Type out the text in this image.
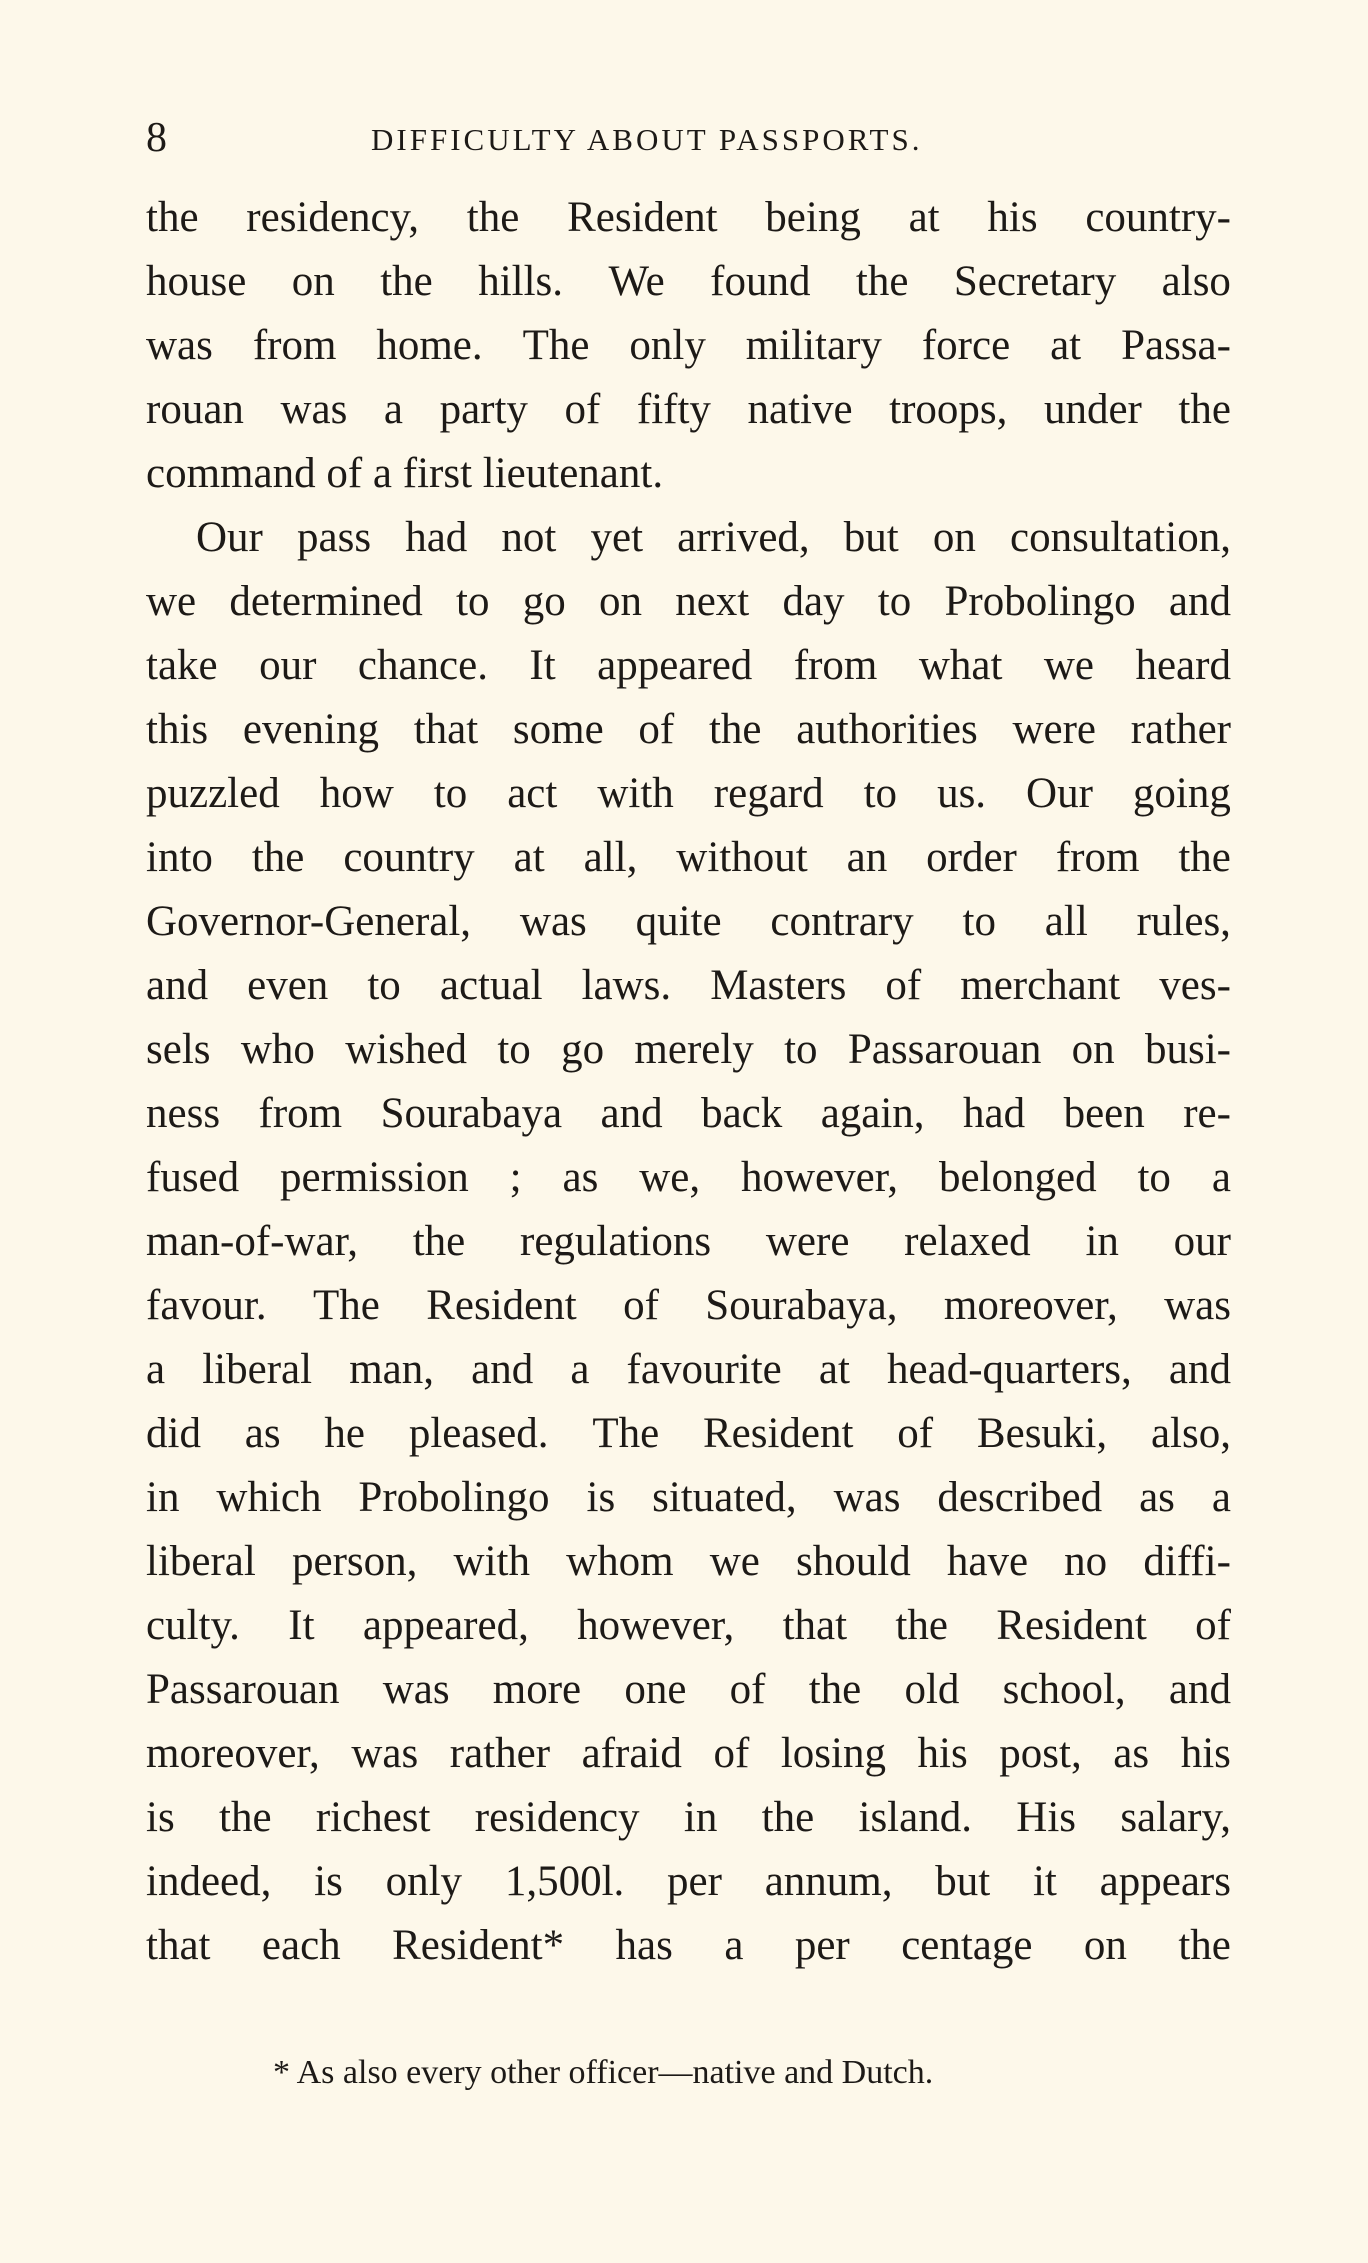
8	DIFFICULTY ABOUT PASSPORTS.
the residency, the Resident being at his country-
house on the hills. We found the Secretary also
was from home. The only military force at Passa-
rouan was a party of fifty native troops, under the
command of a first lieutenant.
Our pass had not yet arrived, but on consultation,
we determined to go on next day to Probolingo and
take our chance. It appeared from what we heard
this evening that some of the authorities were rather
puzzled how to act with regard to us. Our going
into the country at all, without an order from the
Governor-General, was quite contrary to all rules,
and even to actual laws. Masters of merchant ves-
sels who wished to go merely to Passarouan on busi-
ness from Sourabaya and back again, had been re-
fused permission ; as we, however, belonged to a
man-of-war, the regulations were relaxed in our
favour. The Resident of Sourabaya, moreover, was
a liberal man, and a favourite at head-quarters, and
did as he pleased. The Resident of Besuki, also,
in which Probolingo is situated, was described as a
liberal person, with whom we should have no diffi-
culty. It appeared, however, that the Resident of
Passarouan was more one of the old school, and
moreover, was rather afraid of losing his post, as his
is the richest residency in the island. His salary,
indeed, is only 1,500l. per annum, but it appears
that each Resident* has a per centage on the
* As also every other officer—native and Dutch.
